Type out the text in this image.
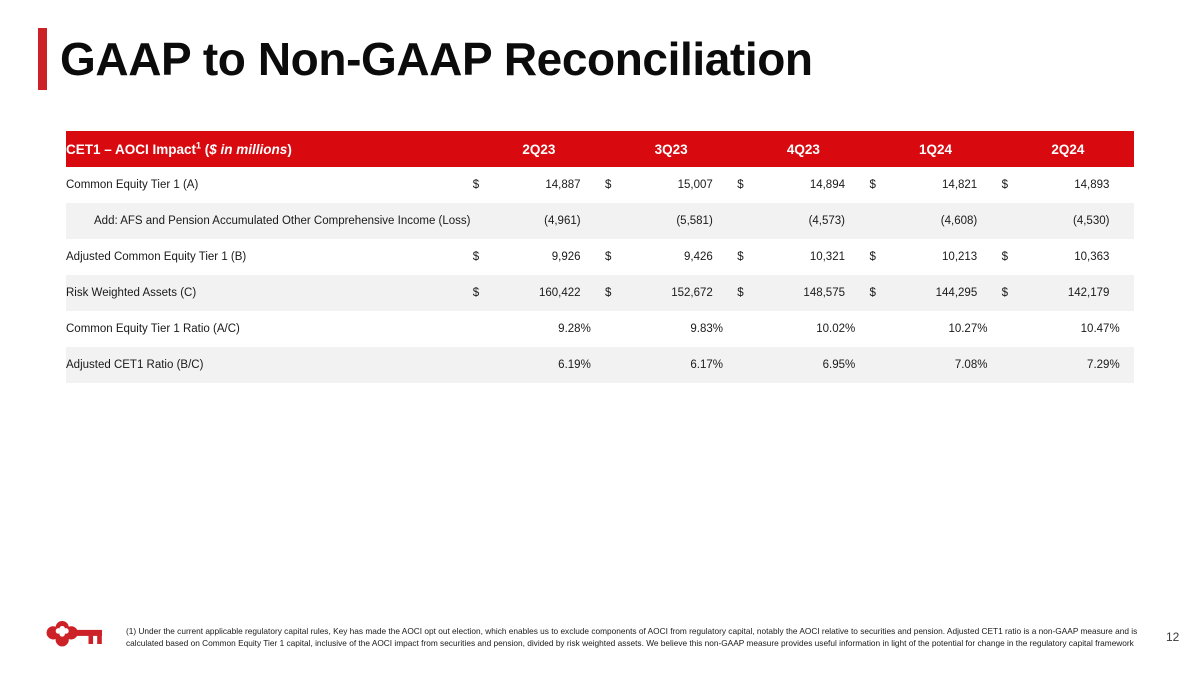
GAAP to Non-GAAP Reconciliation
CET1 – AOCI Impact$^1$ ($ in millions)	2Q23			3Q23			4Q23			1Q24			2Q24		
Common Equity Tier 1 (A)	$	14,887		$	15,007		$	14,894		$	14,821		$	14,893	
Add: AFS and Pension Accumulated Other Comprehensive Income (Loss)		(4,961)			(5,581)			(4,573)			(4,608)			(4,530)	
Adjusted Common Equity Tier 1 (B)	$	9,926		$	9,426		$	10,321		$	10,213		$	10,363	
Risk Weighted Assets (C)	$	160,422		$	152,672		$	148,575		$	144,295		$	142,179	
Common Equity Tier 1 Ratio (A/C)		9.28	%		9.83	%		10.02	%		10.27	%		10.47	%
Adjusted CET1 Ratio (B/C)		6.19	%		6.17	%		6.95	%		7.08	%		7.29	%
(1) Under the current applicable regulatory capital rules, Key has made the AOCI opt out election, which enables us to exclude components of AOCI from regulatory capital, notably the AOCI relative to securities and pension. Adjusted CET1 ratio is a non-GAAP measure and is calculated based on Common Equity Tier 1 capital, inclusive of the AOCI impact from securities and pension, divided by risk weighted assets. We believe this non-GAAP measure provides useful information in light of the potential for change in the regulatory capital framework	12
